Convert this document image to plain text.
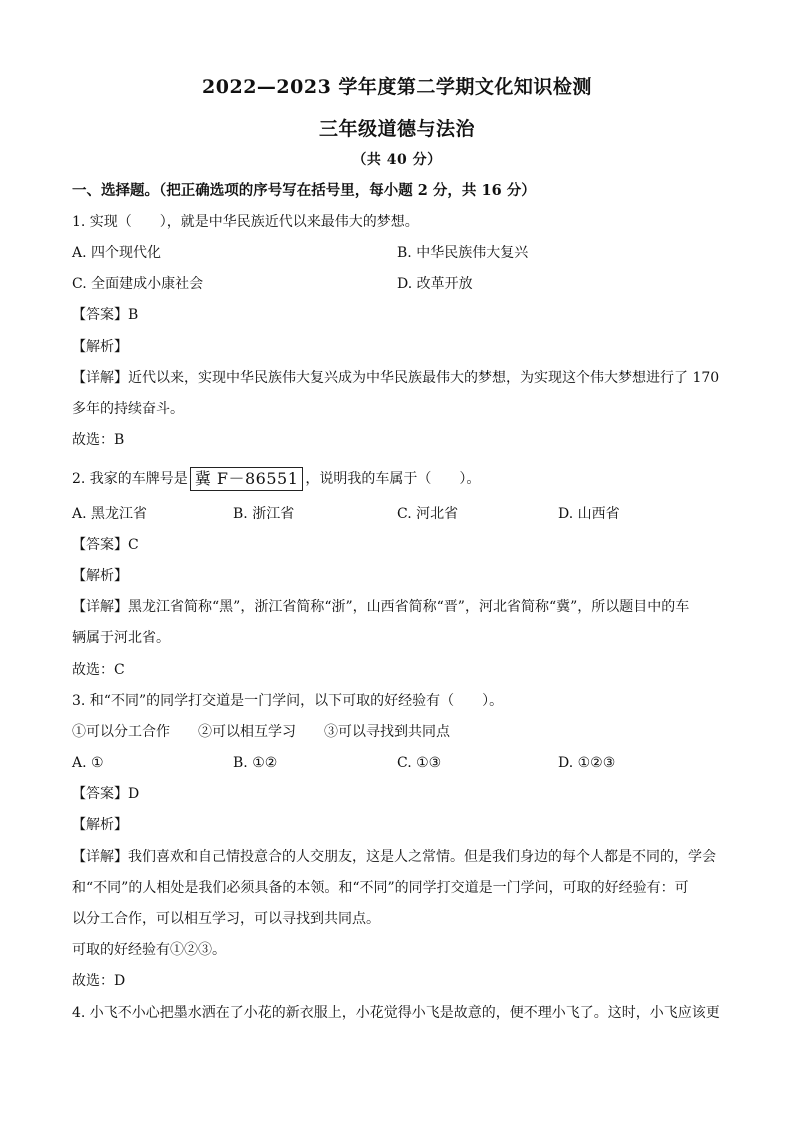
2022—2023 学年度第二学期文化知识检测
三年级道德与法治
（共 40 分）
一、选择题。（把正确选项的序号写在括号里，每小题 2 分，共 16 分）
1. 实现（　　），就是中华民族近代以来最伟大的梦想。
A. 四个现代化	B. 中华民族伟大复兴
C. 全面建成小康社会	D. 改革开放
【答案】B
【解析】
【详解】近代以来，实现中华民族伟大复兴成为中华民族最伟大的梦想，为实现这个伟大梦想进行了 170
多年的持续奋斗。
故选：B
2. 我家的车牌号是 冀 F－86551 ，说明我的车属于（　　）。
A. 黑龙江省	B. 浙江省	C. 河北省	D. 山西省
【答案】C
【解析】
【详解】黑龙江省简称“黑”，浙江省简称“浙”，山西省简称“晋”，河北省简称“冀”，所以题目中的车
辆属于河北省。
故选：C
3. 和“不同”的同学打交道是一门学问，以下可取的好经验有（　　）。
①可以分工合作　　②可以相互学习　　③可以寻找到共同点
A. ①	B. ①②	C. ①③	D. ①②③
【答案】D
【解析】
【详解】我们喜欢和自己情投意合的人交朋友，这是人之常情。但是我们身边的每个人都是不同的，学会
和“不同”的人相处是我们必须具备的本领。和“不同”的同学打交道是一门学问，可取的好经验有：可
以分工合作，可以相互学习，可以寻找到共同点。
可取的好经验有①②③。
故选：D
4. 小飞不小心把墨水洒在了小花的新衣服上，小花觉得小飞是故意的，便不理小飞了。这时，小飞应该更
